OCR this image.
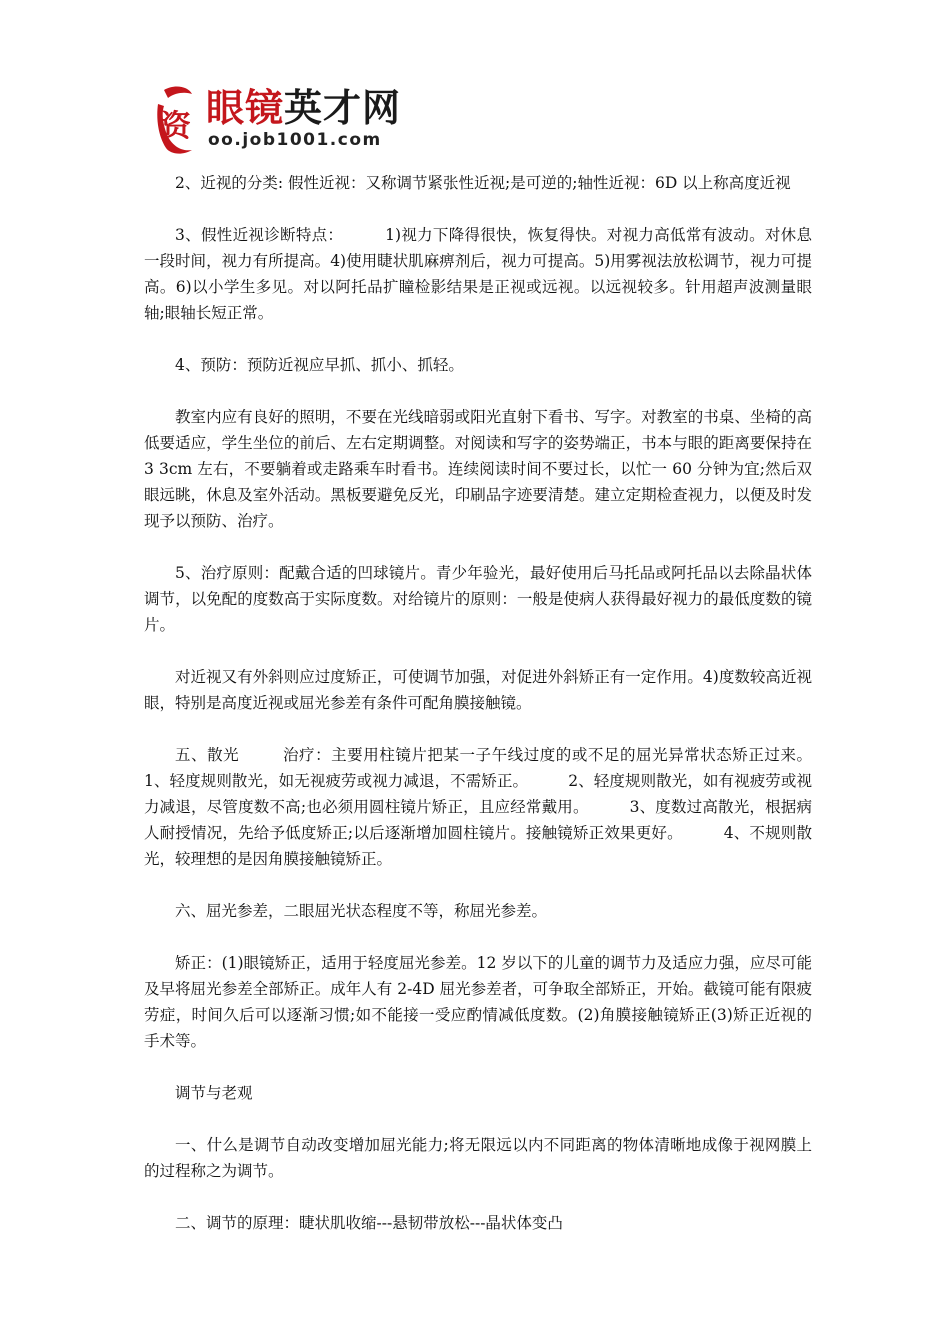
资 眼镜英才网
oo.job1001.com

2、近视的分类: 假性近视：又称调节紧张性近视;是可逆的;轴性近视：6D 以上称高度近视

3、假性近视诊断特点：        1)视力下降得很快，恢复得快。对视力高低常有波动。对休息一段时间，视力有所提高。4)使用睫状肌麻痹剂后，视力可提高。5)用雾视法放松调节，视力可提高。6)以小学生多见。对以阿托品扩瞳检影结果是正视或远视。以远视较多。针用超声波测量眼轴;眼轴长短正常。

4、预防：预防近视应早抓、抓小、抓轻。

教室内应有良好的照明，不要在光线暗弱或阳光直射下看书、写字。对教室的书桌、坐椅的高低要适应，学生坐位的前后、左右定期调整。对阅读和写字的姿势端正，书本与眼的距离要保持在 3 3cm 左右，不要躺着或走路乘车时看书。连续阅读时间不要过长，以忙一 60 分钟为宜;然后双眼远眺，休息及室外活动。黑板要避免反光，印刷品字迹要清楚。建立定期检查视力，以便及时发现予以预防、治疗。

5、治疗原则：配戴合适的凹球镜片。青少年验光，最好使用后马托品或阿托品以去除晶状体调节，以免配的度数高于实际度数。对给镜片的原则：一般是使病人获得最好视力的最低度数的镜片。

对近视又有外斜则应过度矫正，可使调节加强，对促进外斜矫正有一定作用。4)度数较高近视眼，特别是高度近视或屈光参差有条件可配角膜接触镜。

五、散光        治疗：主要用柱镜片把某一子午线过度的或不足的屈光异常状态矫正过来。        1、轻度规则散光，如无视疲劳或视力减退，不需矫正。        2、轻度规则散光，如有视疲劳或视力减退，尽管度数不高;也必须用圆柱镜片矫正，且应经常戴用。        3、度数过高散光，根据病人耐授情况，先给予低度矫正;以后逐渐增加圆柱镜片。接触镜矫正效果更好。        4、不规则散光，较理想的是因角膜接触镜矫正。

六、屈光参差，二眼屈光状态程度不等，称屈光参差。

矫正：(1)眼镜矫正，适用于轻度屈光参差。12 岁以下的儿童的调节力及适应力强，应尽可能及早将屈光参差全部矫正。成年人有 2-4D 屈光参差者，可争取全部矫正，开始。截镜可能有限疲劳症，时间久后可以逐渐习惯;如不能接一受应酌情减低度数。(2)角膜接触镜矫正(3)矫正近视的手术等。

调节与老观

一、什么是调节自动改变增加屈光能力;将无限远以内不同距离的物体清晰地成像于视网膜上的过程称之为调节。

二、调节的原理：睫状肌收缩---悬韧带放松---晶状体变凸
